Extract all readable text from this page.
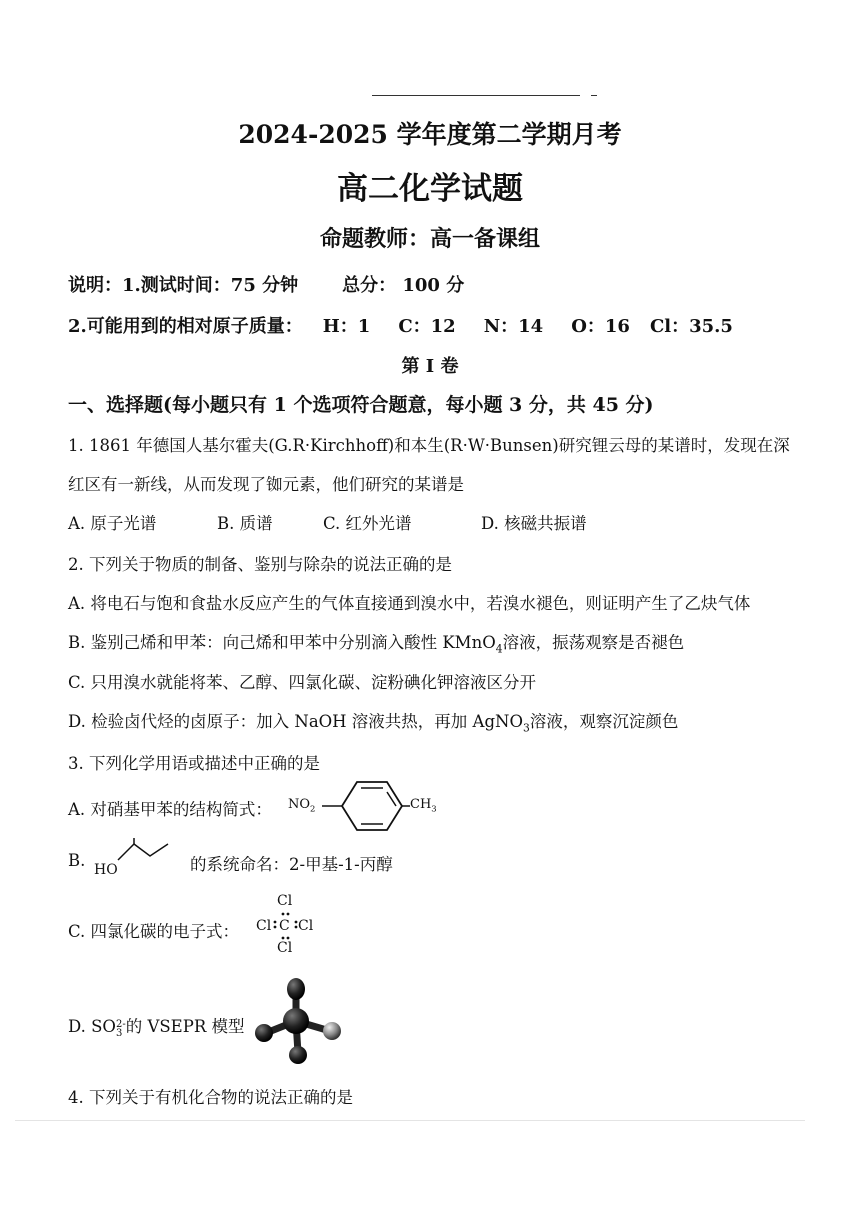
2024-2025 学年度第二学期月考
高二化学试题
命题教师：高一备课组
说明：1.测试时间：75 分钟 总分： 100 分
2.可能用到的相对原子质量： H：1 C：12 N：14 O：16 Cl：35.5
第 I 卷
一、选择题(每小题只有 1 个选项符合题意，每小题 3 分，共 45 分)
1. 1861 年德国人基尔霍夫(G.R·Kirchhoff)和本生(R·W·Bunsen)研究锂云母的某谱时，发现在深
红区有一新线，从而发现了铷元素，他们研究的某谱是
A. 原子光谱	B. 质谱	C. 红外光谱	D. 核磁共振谱
2. 下列关于物质的制备、鉴别与除杂的说法正确的是
A. 将电石与饱和食盐水反应产生的气体直接通到溴水中，若溴水褪色，则证明产生了乙炔气体
B. 鉴别己烯和甲苯：向己烯和甲苯中分别滴入酸性 KMnO$_4$溶液，振荡观察是否褪色
C. 只用溴水就能将苯、乙醇、四氯化碳、淀粉碘化钾溶液区分开
D. 检验卤代烃的卤原子：加入 NaOH 溶液共热，再加 AgNO$_3$溶液，观察沉淀颜色
3. 下列化学用语或描述中正确的是
A. 对硝基甲苯的结构简式： $NO_2$	$CH_3$
B. HO	的系统命名：2-甲基-1-丙醇
C. 四氯化碳的电子式：
Cl
Cl C Cl
Cl
D. SO2-
3 的 VSEPR 模型
4. 下列关于有机化合物的说法正确的是
